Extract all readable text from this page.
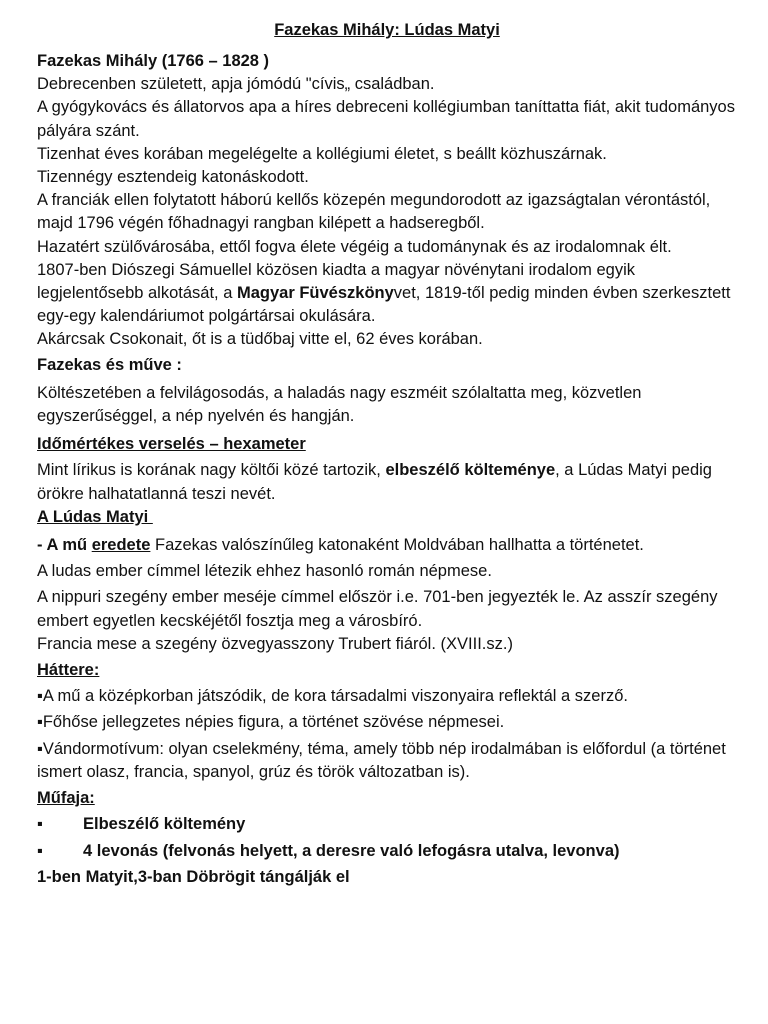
Fazekas Mihály: Lúdas Matyi
Fazekas Mihály (1766 – 1828 )
Debrecenben született, apja jómódú "cívis„ családban.
A gyógykovács és állatorvos apa a híres debreceni kollégiumban taníttatta fiát, akit tudományos pályára szánt.
Tizenhat éves korában megelégelte a kollégiumi életet, s beállt közhuszárnak.
Tizennégy esztendeig katonáskodott.
A franciák ellen folytatott háború kellős közepén megundorodott az igazságtalan vérontástól, majd 1796 végén főhadnagyi rangban kilépett a hadseregből.
Hazatért szülővárosába, ettől fogva élete végéig a tudománynak és az irodalomnak élt.
1807-ben Diószegi Sámuellel közösen kiadta a magyar növénytani irodalom egyik legjelentősebb alkotását, a Magyar Füvészkönyvet, 1819-től pedig minden évben szerkesztett egy-egy kalendáriumot polgártársai okulására.
Akárcsak Csokonait, őt is a tüdőbaj vitte el, 62 éves korában.
Fazekas és műve :
Költészetében a felvilágosodás, a haladás nagy eszméit szólaltatta meg, közvetlen egyszerűséggel, a nép nyelvén és hangján.
Időmértékes verselés – hexameter
Mint lírikus is korának nagy költői közé tartozik, elbeszélő költeménye, a Lúdas Matyi pedig örökre halhatatlanná teszi nevét.
A Lúdas Matyi
- A mű eredete Fazekas valószínűleg katonaként Moldvában hallhatta a történetet.
A ludas ember címmel létezik ehhez hasonló román népmese.
A nippuri szegény ember meséje címmel először i.e. 701-ben jegyezték le. Az asszír szegény embert egyetlen kecskéjétől fosztja meg a városbíró.
Francia mese a szegény özvegyasszony Trubert fiáról. (XVIII.sz.)
Háttere:
▪A mű a középkorban játszódik, de kora társadalmi viszonyaira reflektál a szerző.
▪Főhőse jellegzetes népies figura, a történet szövése népmesei.
▪Vándormotívum: olyan cselekmény, téma, amely több nép irodalmában is előfordul (a történet ismert olasz, francia, spanyol, grúz és török változatban is).
Műfaja:
▪	Elbeszélő költemény
▪	4 levonás (felvonás helyett, a deresre való lefogásra utalva, levonva)
1-ben Matyit,3-ban Döbrögit tángálják el
